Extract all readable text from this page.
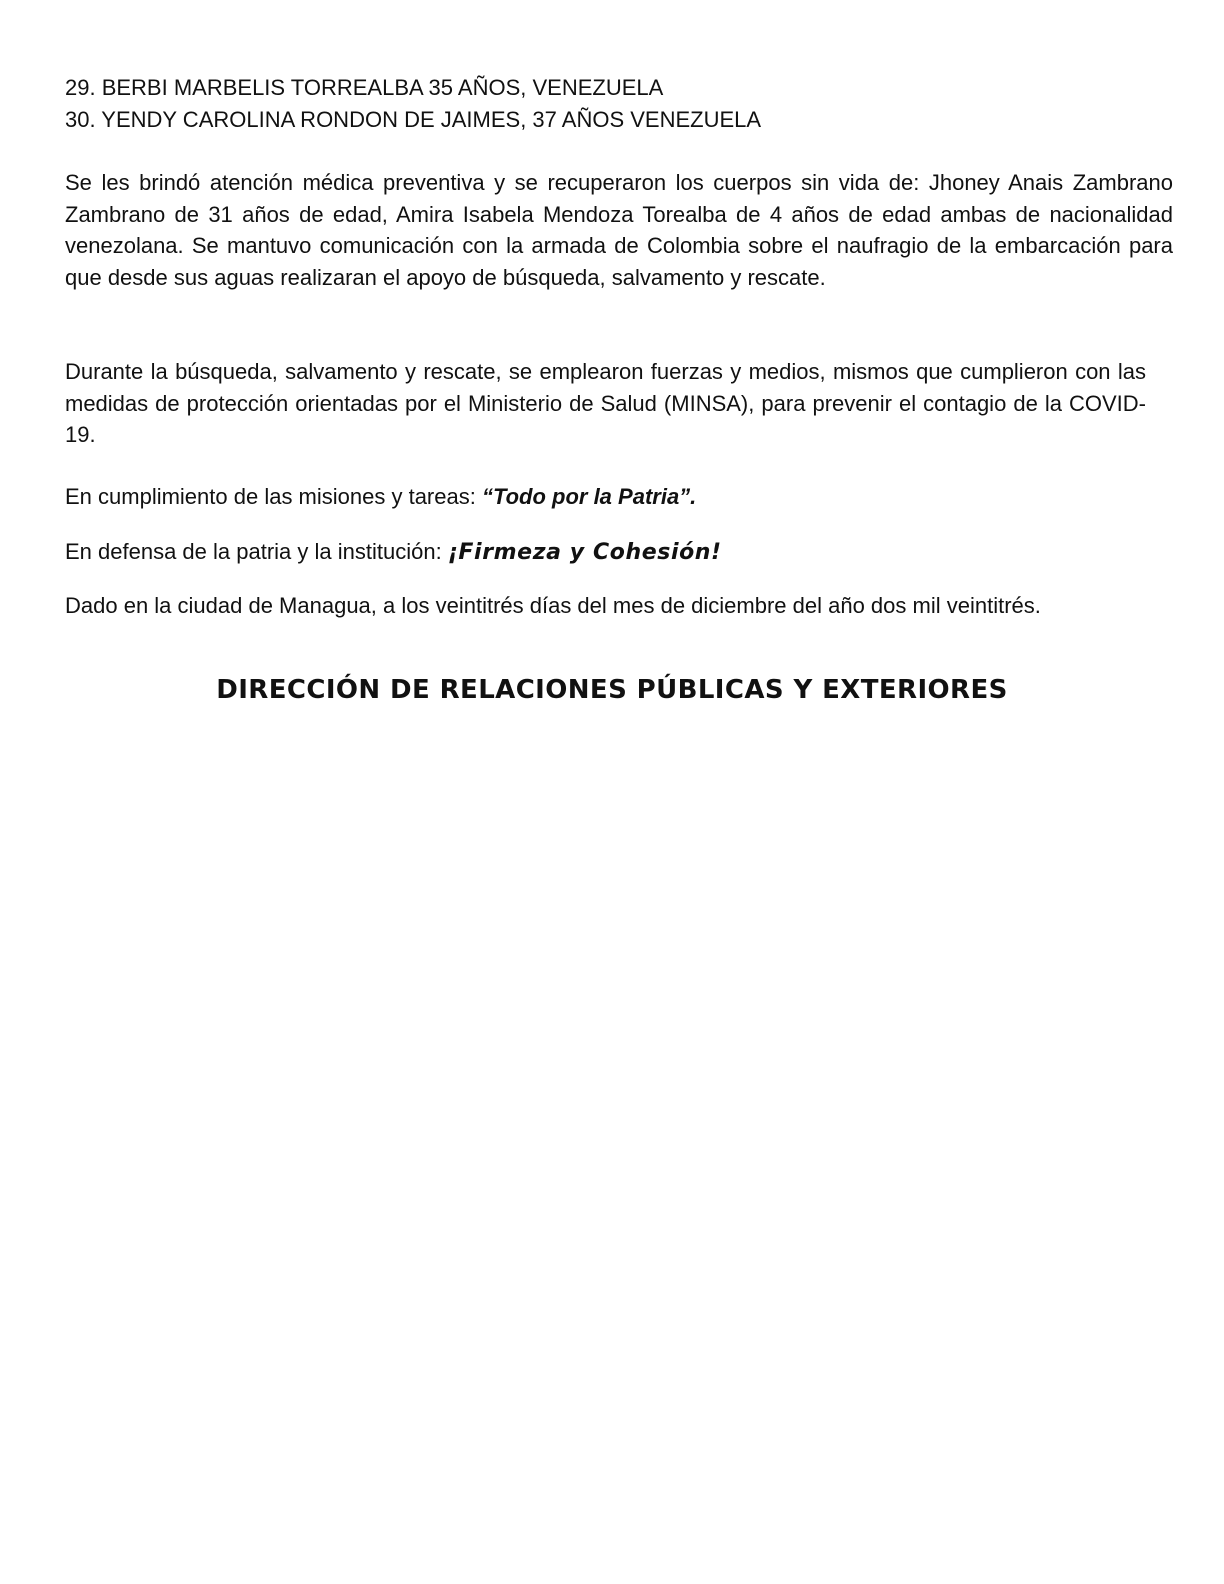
29. BERBI MARBELIS TORREALBA 35 AÑOS, VENEZUELA

30. YENDY CAROLINA RONDON DE JAIMES, 37 AÑOS VENEZUELA

Se les brindó atención médica preventiva y se recuperaron los cuerpos sin vida de: Jhoney Anais Zambrano Zambrano de 31 años de edad, Amira Isabela Mendoza Torealba de 4 años de edad ambas de nacionalidad venezolana. Se mantuvo comunicación con la armada de Colombia sobre el naufragio de la embarcación para que desde sus aguas realizaran el apoyo de búsqueda, salvamento y rescate.

Durante la búsqueda, salvamento y rescate, se emplearon fuerzas y medios, mismos que cumplieron con las medidas de protección orientadas por el Ministerio de Salud (MINSA), para prevenir el contagio de la COVID-19.

En cumplimiento de las misiones y tareas: “Todo por la Patria”.

En defensa de la patria y la institución: ¡Firmeza y Cohesión!

Dado en la ciudad de Managua, a los veintitrés días del mes de diciembre del año dos mil veintitrés.

DIRECCIÓN DE RELACIONES PÚBLICAS Y EXTERIORES
